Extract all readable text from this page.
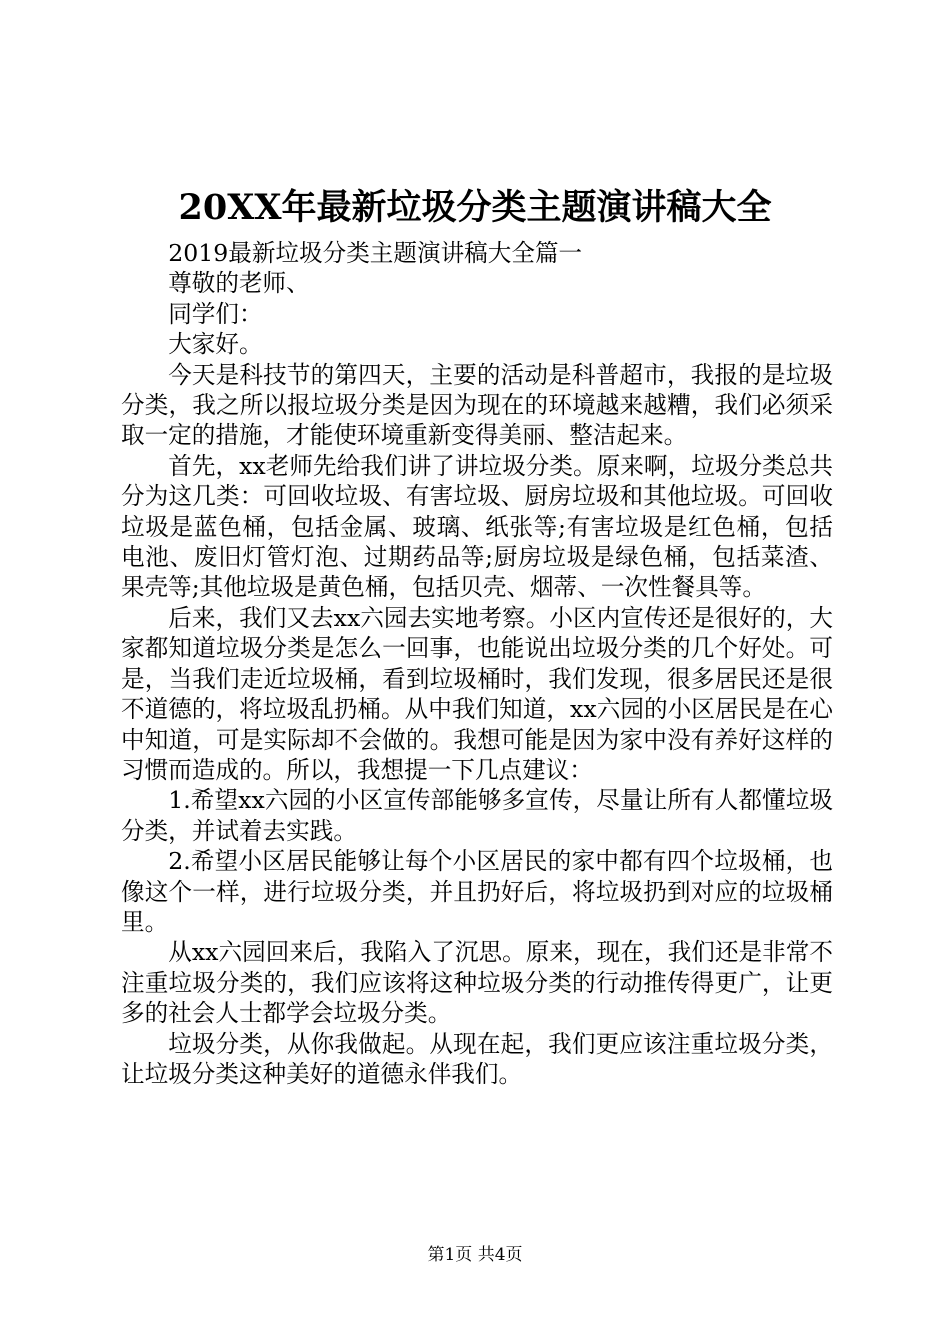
20XX年最新垃圾分类主题演讲稿大全

2019最新垃圾分类主题演讲稿大全篇一

尊敬的老师、

同学们：

大家好。

今天是科技节的第四天，主要的活动是科普超市，我报的是垃圾分类，我之所以报垃圾分类是因为现在的环境越来越糟，我们必须采取一定的措施，才能使环境重新变得美丽、整洁起来。

首先，xx老师先给我们讲了讲垃圾分类。原来啊，垃圾分类总共分为这几类：可回收垃圾、有害垃圾、厨房垃圾和其他垃圾。可回收垃圾是蓝色桶，包括金属、玻璃、纸张等;有害垃圾是红色桶，包括电池、废旧灯管灯泡、过期药品等;厨房垃圾是绿色桶，包括菜渣、果壳等;其他垃圾是黄色桶，包括贝壳、烟蒂、一次性餐具等。

后来，我们又去xx六园去实地考察。小区内宣传还是很好的，大家都知道垃圾分类是怎么一回事，也能说出垃圾分类的几个好处。可是，当我们走近垃圾桶，看到垃圾桶时，我们发现，很多居民还是很不道德的，将垃圾乱扔桶。从中我们知道，xx六园的小区居民是在心中知道，可是实际却不会做的。我想可能是因为家中没有养好这样的习惯而造成的。所以，我想提一下几点建议：

1.希望xx六园的小区宣传部能够多宣传，尽量让所有人都懂垃圾分类，并试着去实践。

2.希望小区居民能够让每个小区居民的家中都有四个垃圾桶，也像这个一样，进行垃圾分类，并且扔好后，将垃圾扔到对应的垃圾桶里。

从xx六园回来后，我陷入了沉思。原来，现在，我们还是非常不注重垃圾分类的，我们应该将这种垃圾分类的行动推传得更广，让更多的社会人士都学会垃圾分类。

垃圾分类，从你我做起。从现在起，我们更应该注重垃圾分类，让垃圾分类这种美好的道德永伴我们。

第1页 共4页
